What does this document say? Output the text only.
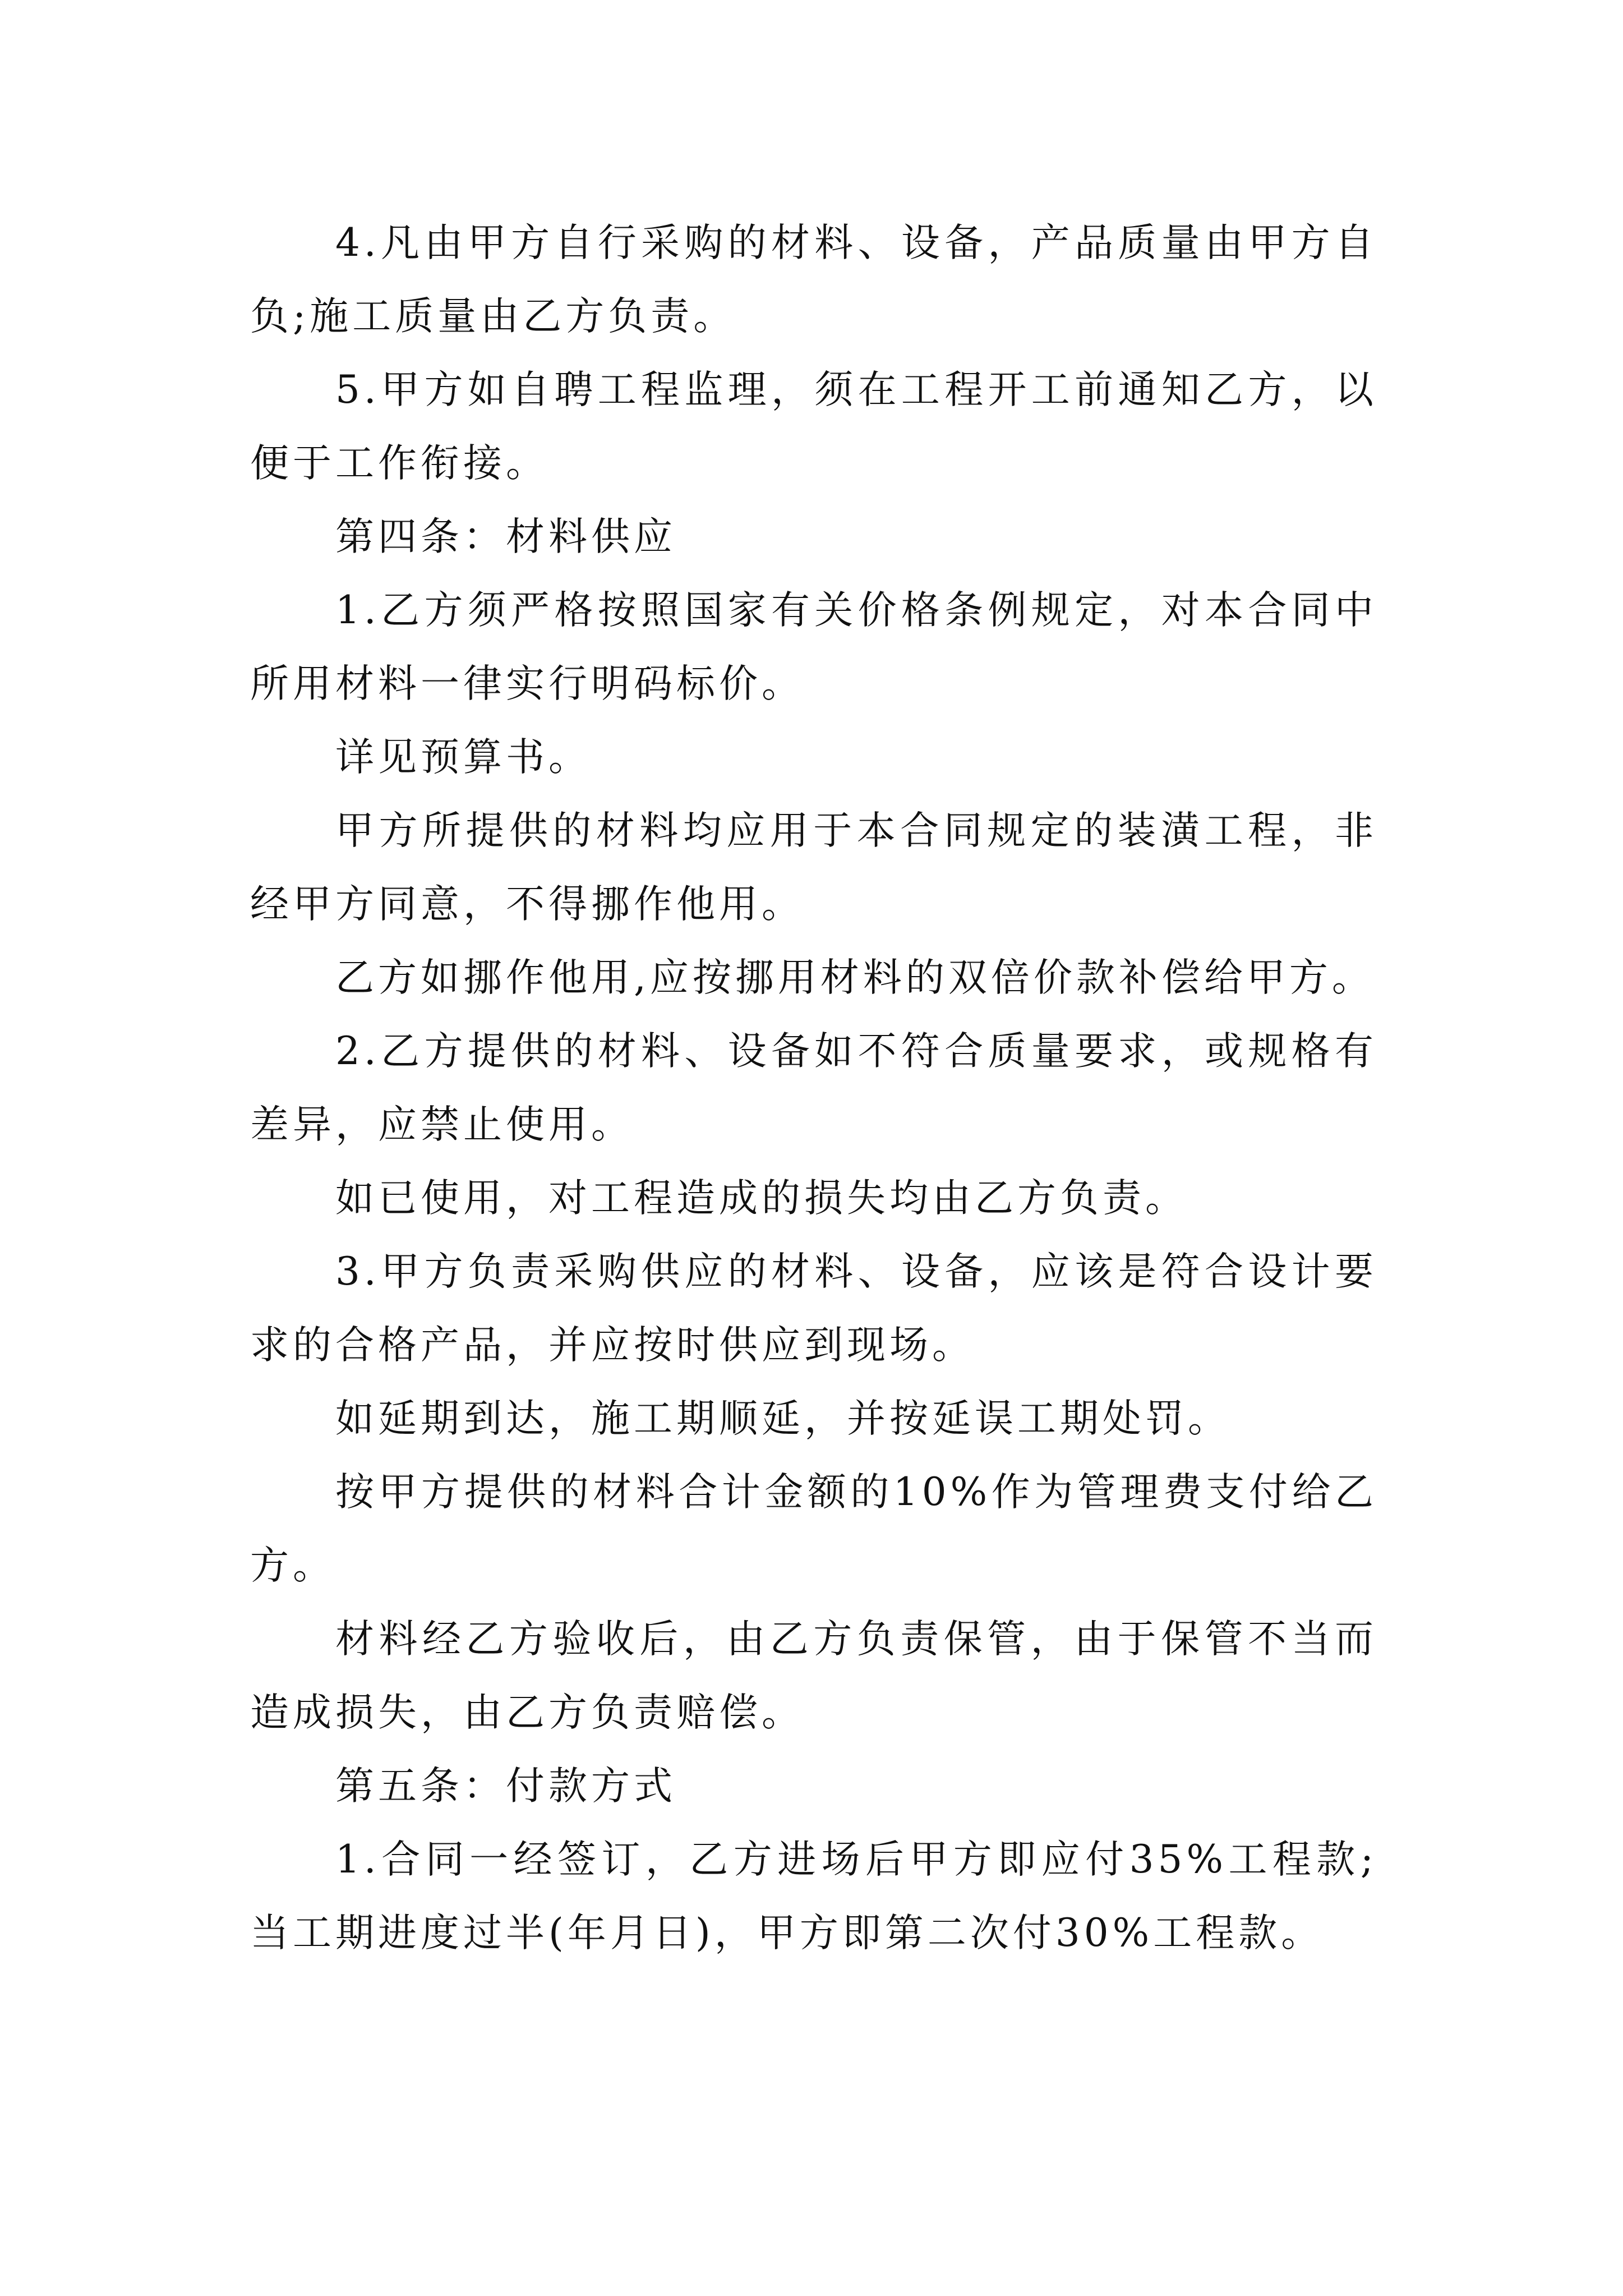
4.凡由甲方自行采购的材料、设备，产品质量由甲方自负;施工质量由乙方负责。

5.甲方如自聘工程监理，须在工程开工前通知乙方，以便于工作衔接。

第四条：材料供应

1.乙方须严格按照国家有关价格条例规定，对本合同中所用材料一律实行明码标价。

详见预算书。

甲方所提供的材料均应用于本合同规定的装潢工程，非经甲方同意，不得挪作他用。

乙方如挪作他用,应按挪用材料的双倍价款补偿给甲方。

2.乙方提供的材料、设备如不符合质量要求，或规格有差异，应禁止使用。

如已使用，对工程造成的损失均由乙方负责。

3.甲方负责采购供应的材料、设备，应该是符合设计要求的合格产品，并应按时供应到现场。

如延期到达，施工期顺延，并按延误工期处罚。

按甲方提供的材料合计金额的10%作为管理费支付给乙方。

材料经乙方验收后，由乙方负责保管，由于保管不当而造成损失，由乙方负责赔偿。

第五条：付款方式

1.合同一经签订，乙方进场后甲方即应付35%工程款;当工期进度过半(年月日)，甲方即第二次付30%工程款。
